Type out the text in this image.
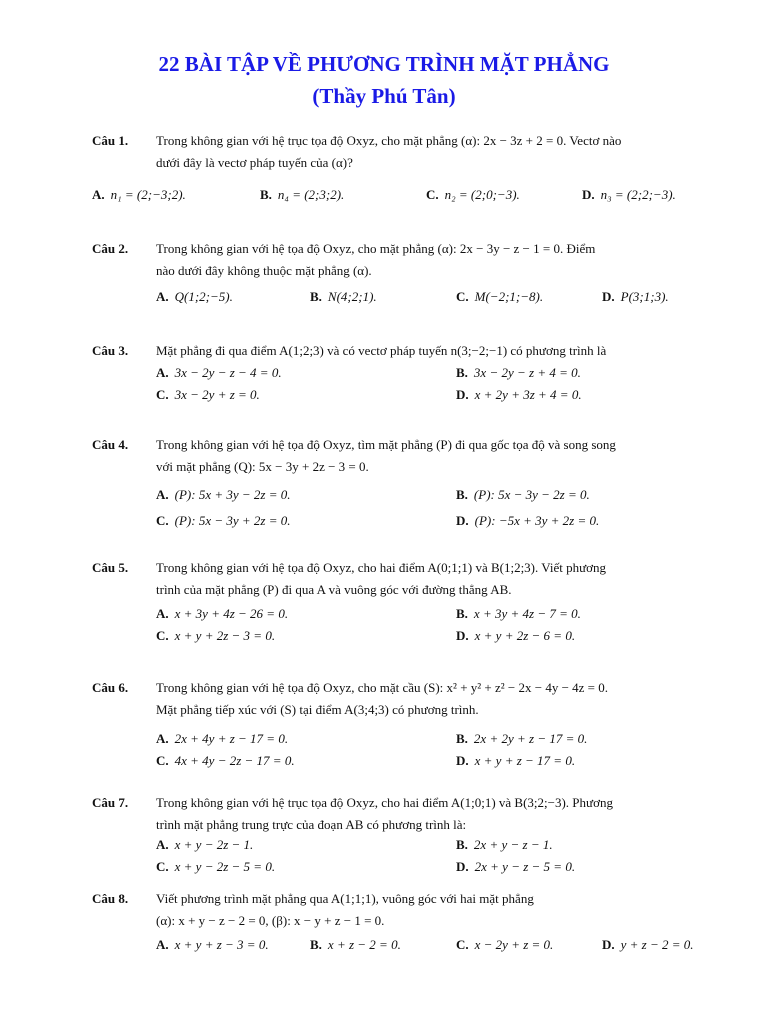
22 BÀI TẬP VỀ PHƯƠNG TRÌNH MẶT PHẲNG
(Thầy Phú Tân)
Câu 1. Trong không gian với hệ trục tọa độ Oxyz, cho mặt phẳng (α): 2x − 3z + 2 = 0. Vectơ nào
dưới đây là vectơ pháp tuyến của (α)?
A. n₁ = (2;−3;2).	B. n₄ = (2;3;2).	C. n₂ = (2;0;−3).	D. n₃ = (2;2;−3).
Câu 2. Trong không gian với hệ tọa độ Oxyz, cho mặt phẳng (α): 2x − 3y − z − 1 = 0. Điểm
nào dưới đây không thuộc mặt phẳng (α).
A. Q(1;2;−5).	B. N(4;2;1).	C. M(−2;1;−8).	D. P(3;1;3).
Câu 3. Mặt phẳng đi qua điểm A(1;2;3) và có vectơ pháp tuyến n(3;−2;−1) có phương trình là
A. 3x − 2y − z − 4 = 0.	B. 3x − 2y − z + 4 = 0.
C. 3x − 2y + z = 0.	D. x + 2y + 3z + 4 = 0.
Câu 4. Trong không gian với hệ tọa độ Oxyz, tìm mặt phẳng (P) đi qua gốc tọa độ và song song
với mặt phẳng (Q): 5x − 3y + 2z − 3 = 0.
A. (P): 5x + 3y − 2z = 0.	B. (P): 5x − 3y − 2z = 0.
C. (P): 5x − 3y + 2z = 0.	D. (P): −5x + 3y + 2z = 0.
Câu 5. Trong không gian với hệ tọa độ Oxyz, cho hai điểm A(0;1;1) và B(1;2;3). Viết phương
trình của mặt phẳng (P) đi qua A và vuông góc với đường thẳng AB.
A. x + 3y + 4z − 26 = 0.	B. x + 3y + 4z − 7 = 0.
C. x + y + 2z − 3 = 0.	D. x + y + 2z − 6 = 0.
Câu 6. Trong không gian với hệ tọa độ Oxyz, cho mặt cầu (S): x² + y² + z² − 2x − 4y − 4z = 0.
Mặt phẳng tiếp xúc với (S) tại điểm A(3;4;3) có phương trình.
A. 2x + 4y + z − 17 = 0.	B. 2x + 2y + z − 17 = 0.
C. 4x + 4y − 2z − 17 = 0.	D. x + y + z − 17 = 0.
Câu 7. Trong không gian với hệ trục tọa độ Oxyz, cho hai điểm A(1;0;1) và B(3;2;−3). Phương
trình mặt phẳng trung trực của đoạn AB có phương trình là:
A. x + y − 2z − 1.	B. 2x + y − z − 1.
C. x + y − 2z − 5 = 0.	D. 2x + y − z − 5 = 0.
Câu 8. Viết phương trình mặt phẳng qua A(1;1;1), vuông góc với hai mặt phẳng
(α): x + y − z − 2 = 0, (β): x − y + z − 1 = 0.
A. x + y + z − 3 = 0.	B. x + z − 2 = 0.	C. x − 2y + z = 0.	D. y + z − 2 = 0.
